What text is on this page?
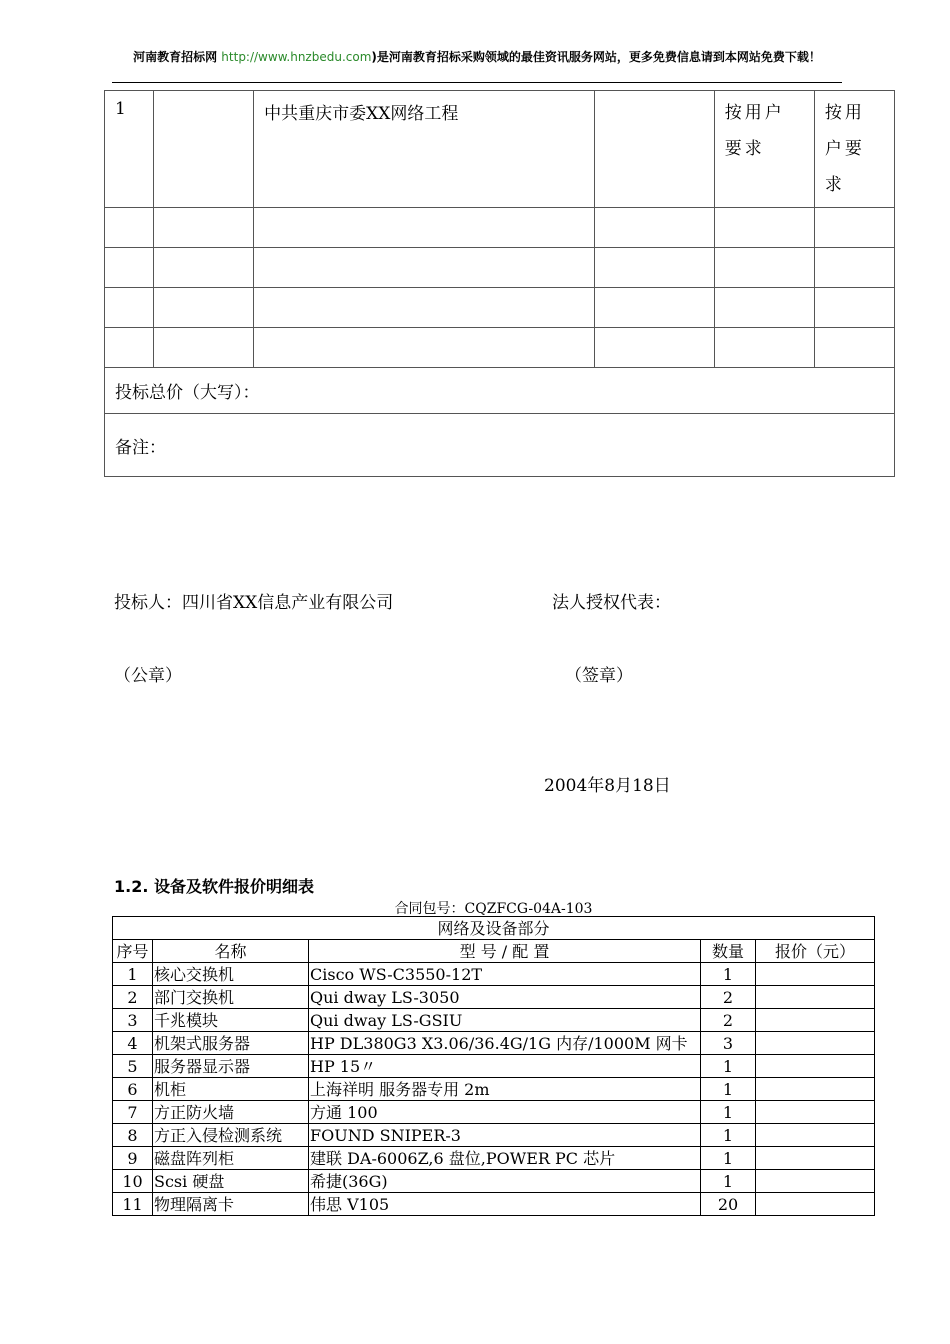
河南教育招标网 http://www.hnzbedu.com)是河南教育招标采购领域的最佳资讯服务网站，更多免费信息请到本网站免费下载！
1		中共重庆市委XX网络工程		按用户要求	按用户要求

投标总价（大写）：					
备注：					
投标人：四川省XX信息产业有限公司	法人授权代表：
（公章）	（签章）
2004年8月18日
1.2. 设备及软件报价明细表
合同包号：CQZFCG-04A-103
网络及设备部分				
序号	名称	型 号 / 配 置	数量	报价（元）
1	核心交换机	Cisco WS-C3550-12T	1	
2	部门交换机	Qui dway LS-3050	2	
3	千兆模块	Qui dway LS-GSIU	2	
4	机架式服务器	HP DL380G3 X3.06/36.4G/1G 内存/1000M 网卡	3	
5	服务器显示器	HP 15〃	1	
6	机柜	上海祥明 服务器专用 2m	1	
7	方正防火墙	方通 100	1	
8	方正入侵检测系统	FOUND SNIPER-3	1	
9	磁盘阵列柜	建联 DA-6006Z,6 盘位,POWER PC 芯片	1	
10	Scsi 硬盘	希捷(36G)	1	
11	物理隔离卡	伟思 V105	20	
